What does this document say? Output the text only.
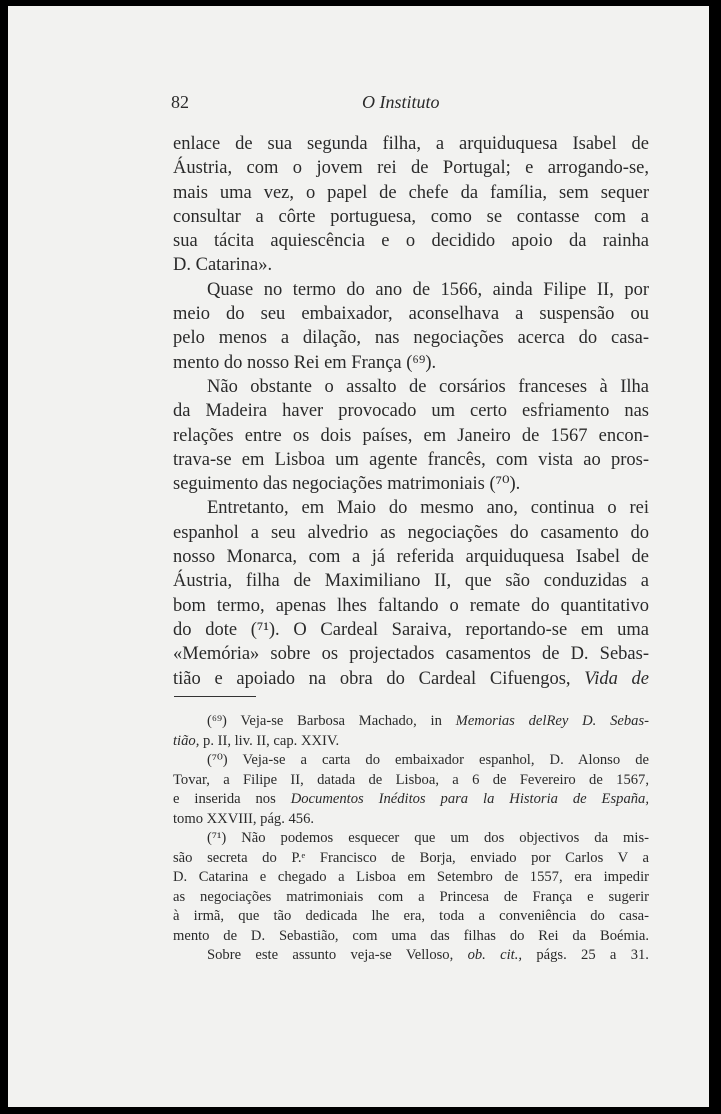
82	O Instituto
enlace de sua segunda filha, a arquiduquesa Isabel de
Áustria, com o jovem rei de Portugal; e arrogando-se,
mais uma vez, o papel de chefe da família, sem sequer
consultar a côrte portuguesa, como se contasse com a
sua tácita aquiescência e o decidido apoio da rainha
D. Catarina».
Quase no termo do ano de 1566, ainda Filipe II, por
meio do seu embaixador, aconselhava a suspensão ou
pelo menos a dilação, nas negociações acerca do casa-
mento do nosso Rei em França (⁶⁹).
Não obstante o assalto de corsários franceses à Ilha
da Madeira haver provocado um certo esfriamento nas
relações entre os dois países, em Janeiro de 1567 encon-
trava-se em Lisboa um agente francês, com vista ao pros-
seguimento das negociações matrimoniais (⁷⁰).
Entretanto, em Maio do mesmo ano, continua o rei
espanhol a seu alvedrio as negociações do casamento do
nosso Monarca, com a já referida arquiduquesa Isabel de
Áustria, filha de Maximiliano II, que são conduzidas a
bom termo, apenas lhes faltando o remate do quantitativo
do dote (⁷¹). O Cardeal Saraiva, reportando-se em uma
«Memória» sobre os projectados casamentos de D. Sebas-
tião e apoiado na obra do Cardeal Cifuengos, Vida de
(⁶⁹) Veja-se Barbosa Machado, in Memorias delRey D. Sebas-
tião, p. II, liv. II, cap. XXIV.
(⁷⁰) Veja-se a carta do embaixador espanhol, D. Alonso de
Tovar, a Filipe II, datada de Lisboa, a 6 de Fevereiro de 1567,
e inserida nos Documentos Inéditos para la Historia de España,
tomo XXVIII, pág. 456.
(⁷¹) Não podemos esquecer que um dos objectivos da mis-
são secreta do P.ᵉ Francisco de Borja, enviado por Carlos V a
D. Catarina e chegado a Lisboa em Setembro de 1557, era impedir
as negociações matrimoniais com a Princesa de França e sugerir
à irmã, que tão dedicada lhe era, toda a conveniência do casa-
mento de D. Sebastião, com uma das filhas do Rei da Boémia.
Sobre este assunto veja-se Velloso, ob. cit., págs. 25 a 31.
